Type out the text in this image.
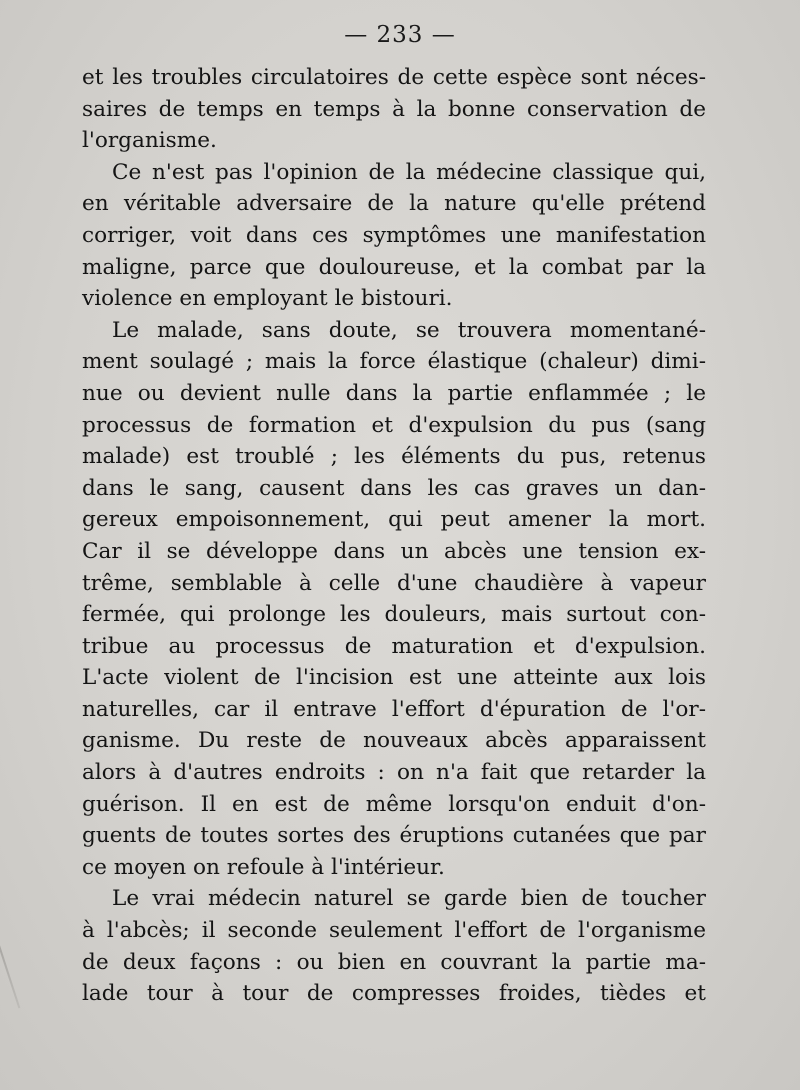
— 233 —
et les troubles circulatoires de cette espèce sont néces-
saires de temps en temps à la bonne conservation de
l'organisme.
Ce n'est pas l'opinion de la médecine classique qui,
en véritable adversaire de la nature qu'elle prétend
corriger, voit dans ces symptômes une manifestation
maligne, parce que douloureuse, et la combat par la
violence en employant le bistouri.
Le malade, sans doute, se trouvera momentané-
ment soulagé ; mais la force élastique (chaleur) dimi-
nue ou devient nulle dans la partie enflammée ; le
processus de formation et d'expulsion du pus (sang
malade) est troublé ; les éléments du pus, retenus
dans le sang, causent dans les cas graves un dan-
gereux empoisonnement, qui peut amener la mort.
Car il se développe dans un abcès une tension ex-
trême, semblable à celle d'une chaudière à vapeur
fermée, qui prolonge les douleurs, mais surtout con-
tribue au processus de maturation et d'expulsion.
L'acte violent de l'incision est une atteinte aux lois
naturelles, car il entrave l'effort d'épuration de l'or-
ganisme. Du reste de nouveaux abcès apparaissent
alors à d'autres endroits : on n'a fait que retarder la
guérison. Il en est de même lorsqu'on enduit d'on-
guents de toutes sortes des éruptions cutanées que par
ce moyen on refoule à l'intérieur.
Le vrai médecin naturel se garde bien de toucher
à l'abcès; il seconde seulement l'effort de l'organisme
de deux façons : ou bien en couvrant la partie ma-
lade tour à tour de compresses froides, tièdes et
